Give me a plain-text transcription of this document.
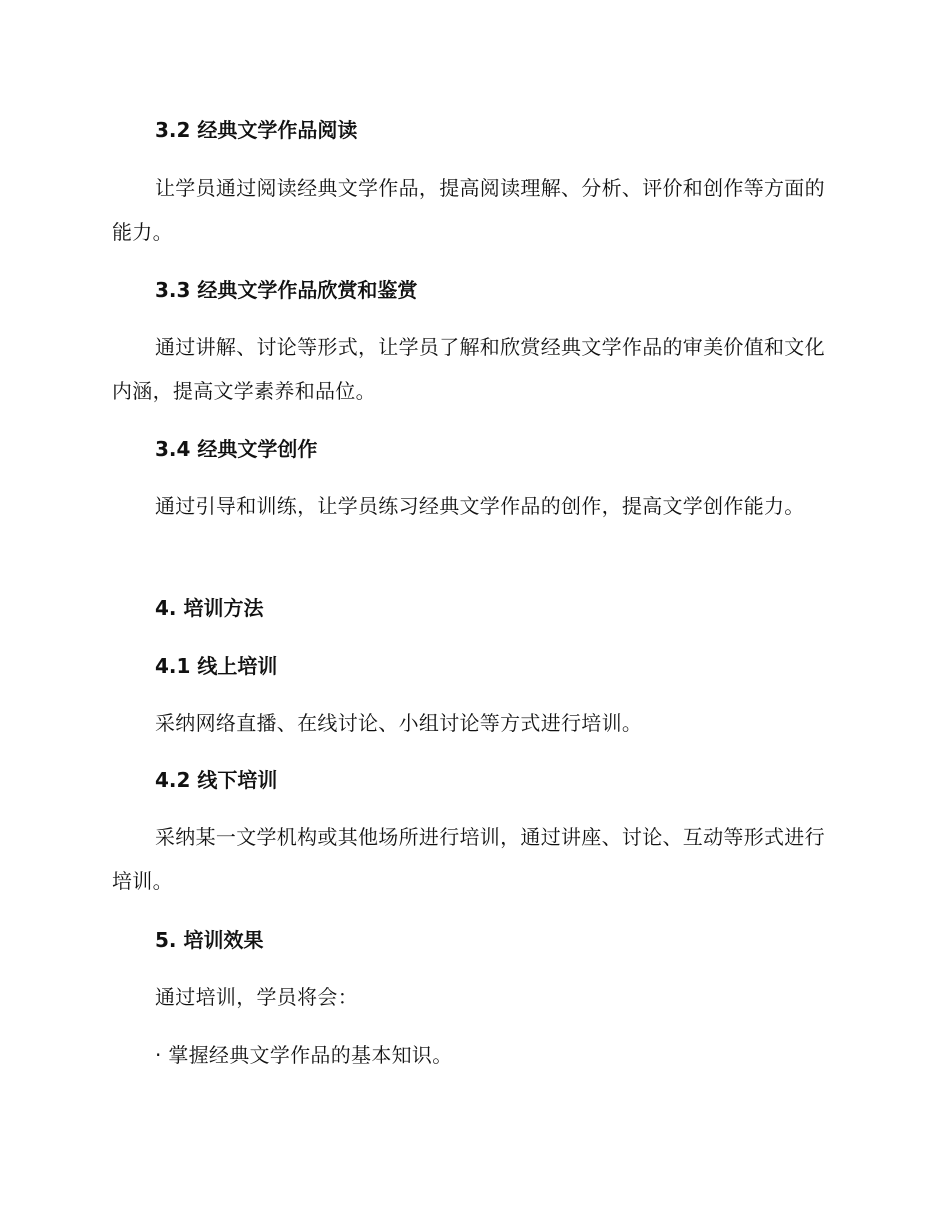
3.2 经典文学作品阅读

让学员通过阅读经典文学作品，提高阅读理解、分析、评价和创作等方面的能力。

3.3 经典文学作品欣赏和鉴赏

通过讲解、讨论等形式，让学员了解和欣赏经典文学作品的审美价值和文化内涵，提高文学素养和品位。

3.4 经典文学创作

通过引导和训练，让学员练习经典文学作品的创作，提高文学创作能力。

4. 培训方法

4.1 线上培训

采纳网络直播、在线讨论、小组讨论等方式进行培训。

4.2 线下培训

采纳某一文学机构或其他场所进行培训，通过讲座、讨论、互动等形式进行培训。

5. 培训效果

通过培训，学员将会：

· 掌握经典文学作品的基本知识。
